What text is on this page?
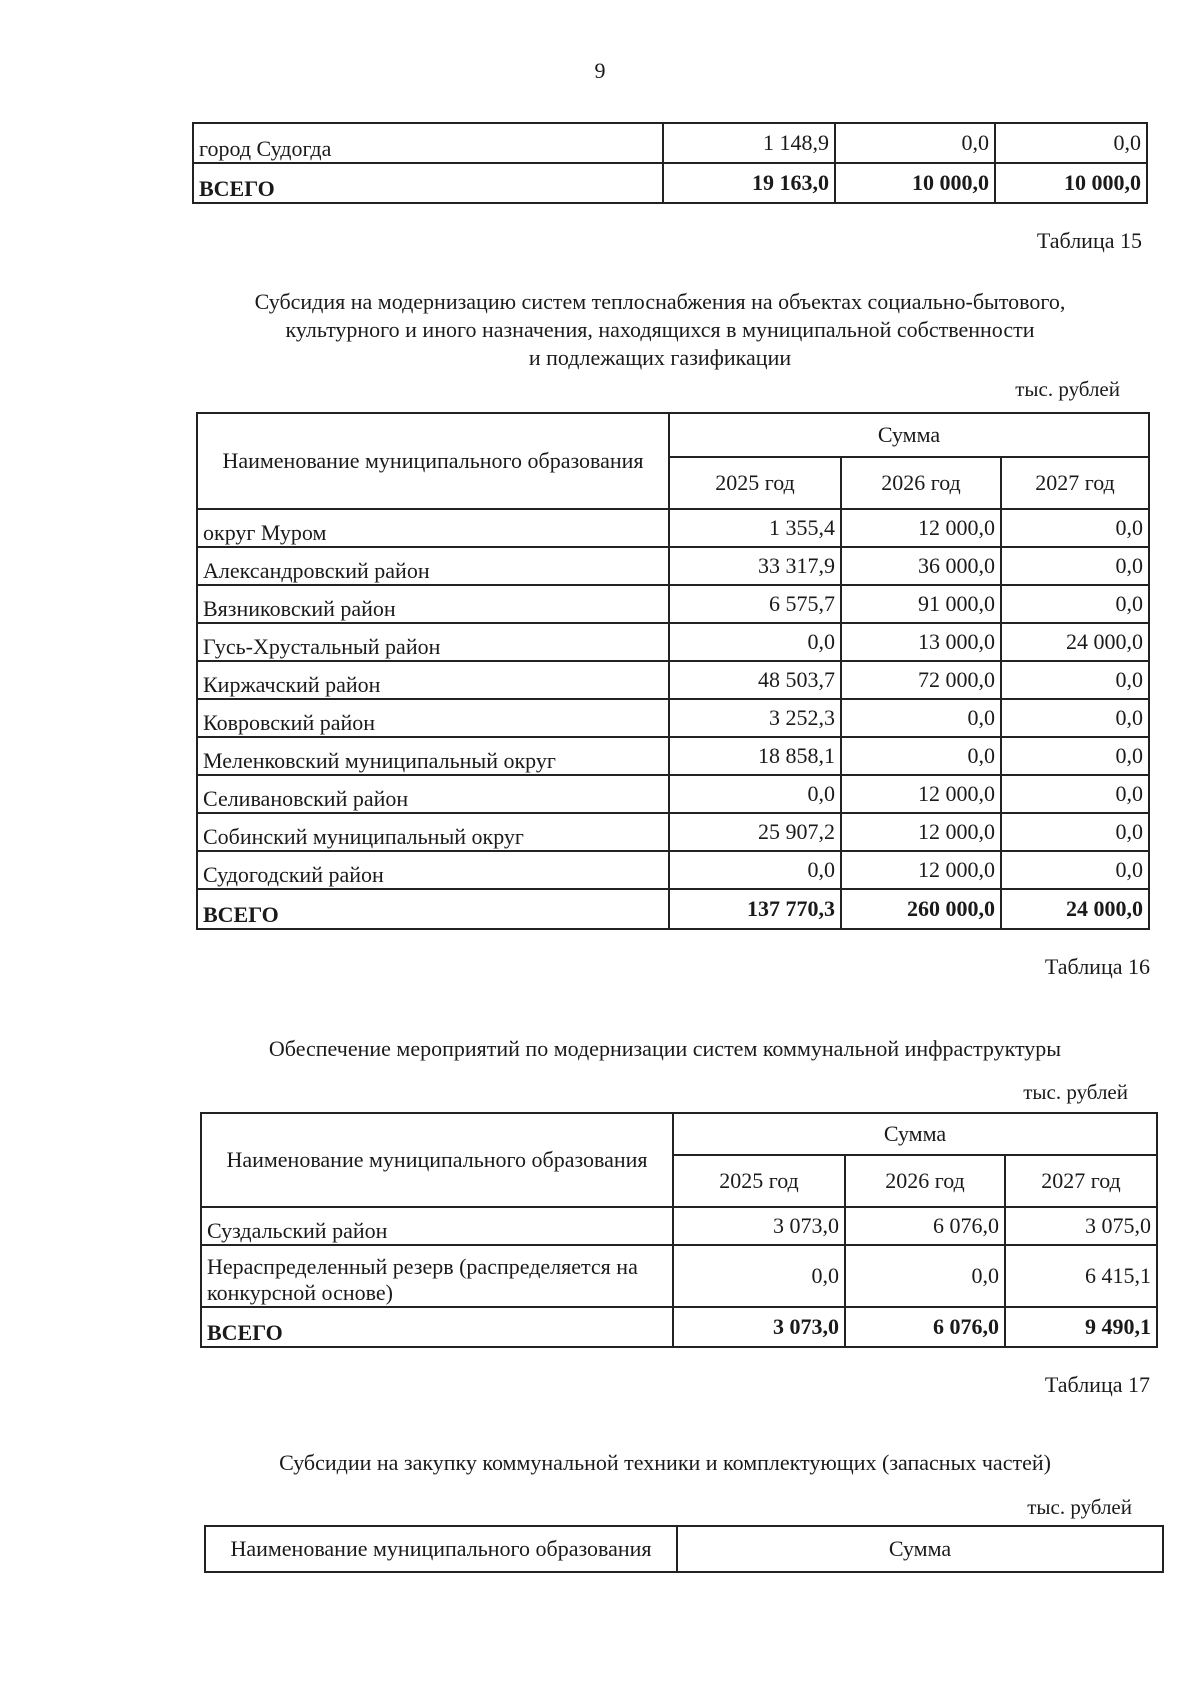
9
город Судогда	1 148,9	0,0	0,0
ВСЕГО	19 163,0	10 000,0	10 000,0
Таблица 15
Субсидия на модернизацию систем теплоснабжения на объектах социально-бытового,
культурного и иного назначения, находящихся в муниципальной собственности
и подлежащих газификации
тыс. рублей
Наименование муниципального образования	Сумма		
	2025 год	2026 год	2027 год
округ Муром	1 355,4	12 000,0	0,0
Александровский район	33 317,9	36 000,0	0,0
Вязниковский район	6 575,7	91 000,0	0,0
Гусь-Хрустальный район	0,0	13 000,0	24 000,0
Киржачский район	48 503,7	72 000,0	0,0
Ковровский район	3 252,3	0,0	0,0
Меленковский муниципальный округ	18 858,1	0,0	0,0
Селивановский район	0,0	12 000,0	0,0
Собинский муниципальный округ	25 907,2	12 000,0	0,0
Судогодский район	0,0	12 000,0	0,0
ВСЕГО	137 770,3	260 000,0	24 000,0
Таблица 16
Обеспечение мероприятий по модернизации систем коммунальной инфраструктуры
тыс. рублей
Наименование муниципального образования	Сумма		
	2025 год	2026 год	2027 год
Суздальский район	3 073,0	6 076,0	3 075,0
Нераспределенный резерв (распределяется на конкурсной основе)	0,0	0,0	6 415,1
ВСЕГО	3 073,0	6 076,0	9 490,1
Таблица 17
Субсидии на закупку коммунальной техники и комплектующих (запасных частей)
тыс. рублей
Наименование муниципального образования	Сумма
